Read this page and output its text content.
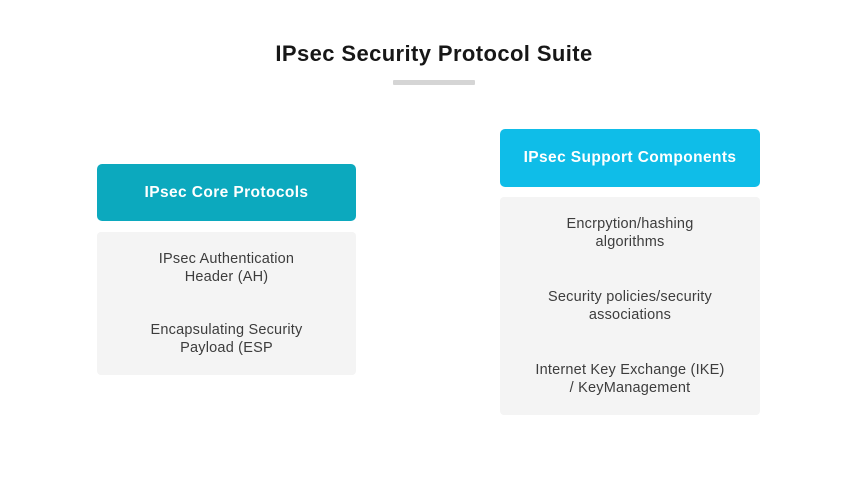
IPsec Security Protocol Suite
IPsec Core Protocols

IPsec Authentication Header (AH)

Encapsulating Security Payload (ESP

IPsec Support Components

Encrpytion/hashing algorithms

Security policies/security associations

Internet Key Exchange (IKE) / KeyManagement
